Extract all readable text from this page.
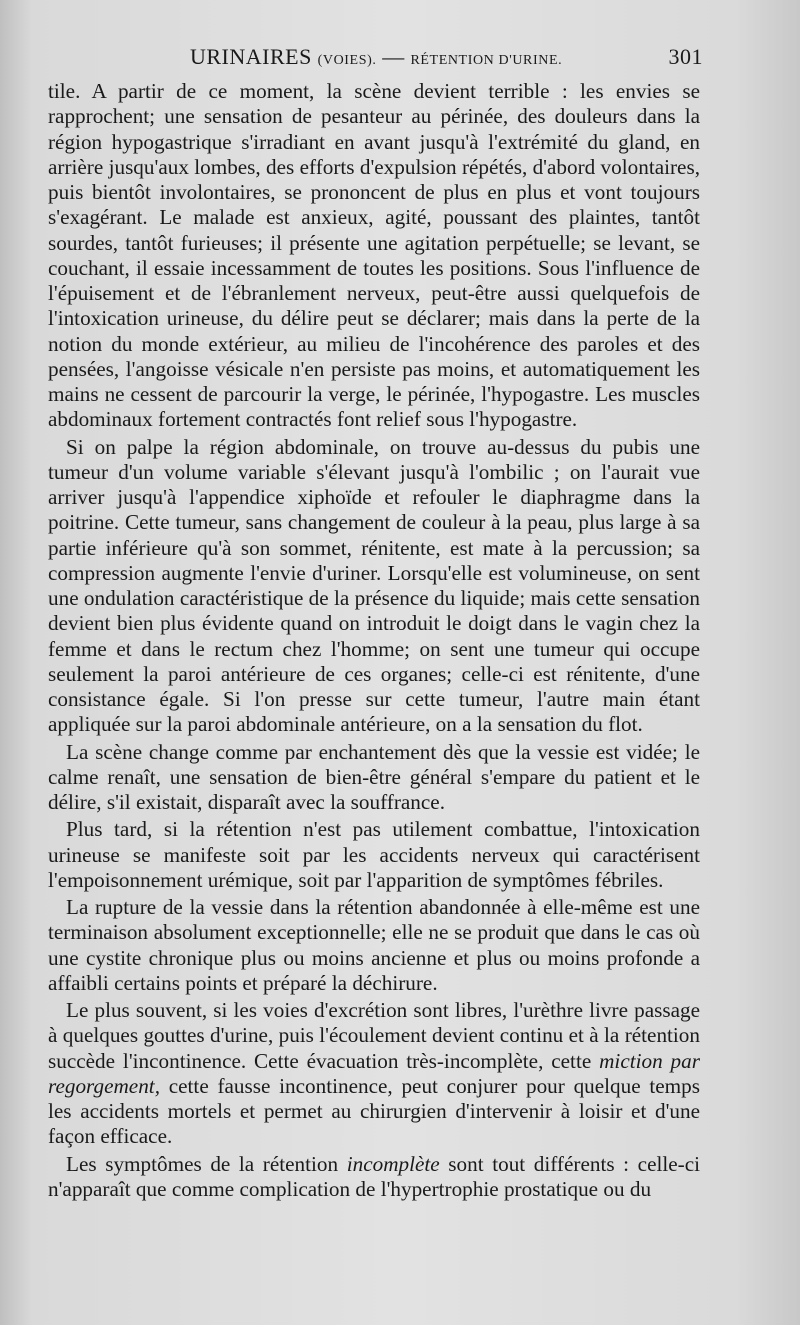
URINAIRES (VOIES). — RÉTENTION D'URINE.	301

tile. A partir de ce moment, la scène devient terrible : les envies se rapprochent; une sensation de pesanteur au périnée, des douleurs dans la région hypogastrique s'irradiant en avant jusqu'à l'extrémité du gland, en arrière jusqu'aux lombes, des efforts d'expulsion répétés, d'abord volontaires, puis bientôt involontaires, se prononcent de plus en plus et vont toujours s'exagérant. Le malade est anxieux, agité, poussant des plaintes, tantôt sourdes, tantôt furieuses; il présente une agitation perpétuelle; se levant, se couchant, il essaie incessamment de toutes les positions. Sous l'influence de l'épuisement et de l'ébranlement nerveux, peut-être aussi quelquefois de l'intoxication urineuse, du délire peut se déclarer; mais dans la perte de la notion du monde extérieur, au milieu de l'incohérence des paroles et des pensées, l'angoisse vésicale n'en persiste pas moins, et automatiquement les mains ne cessent de parcourir la verge, le périnée, l'hypogastre. Les muscles abdominaux fortement contractés font relief sous l'hypogastre.

Si on palpe la région abdominale, on trouve au-dessus du pubis une tumeur d'un volume variable s'élevant jusqu'à l'ombilic ; on l'aurait vue arriver jusqu'à l'appendice xiphoïde et refouler le diaphragme dans la poitrine. Cette tumeur, sans changement de couleur à la peau, plus large à sa partie inférieure qu'à son sommet, rénitente, est mate à la percussion; sa compression augmente l'envie d'uriner. Lorsqu'elle est volumineuse, on sent une ondulation caractéristique de la présence du liquide; mais cette sensation devient bien plus évidente quand on introduit le doigt dans le vagin chez la femme et dans le rectum chez l'homme; on sent une tumeur qui occupe seulement la paroi antérieure de ces organes; celle-ci est rénitente, d'une consistance égale. Si l'on presse sur cette tumeur, l'autre main étant appliquée sur la paroi abdominale antérieure, on a la sensation du flot.

La scène change comme par enchantement dès que la vessie est vidée; le calme renaît, une sensation de bien-être général s'empare du patient et le délire, s'il existait, disparaît avec la souffrance.

Plus tard, si la rétention n'est pas utilement combattue, l'intoxication urineuse se manifeste soit par les accidents nerveux qui caractérisent l'empoisonnement urémique, soit par l'apparition de symptômes fébriles.

La rupture de la vessie dans la rétention abandonnée à elle-même est une terminaison absolument exceptionnelle; elle ne se produit que dans le cas où une cystite chronique plus ou moins ancienne et plus ou moins profonde a affaibli certains points et préparé la déchirure.

Le plus souvent, si les voies d'excrétion sont libres, l'urèthre livre passage à quelques gouttes d'urine, puis l'écoulement devient continu et à la rétention succède l'incontinence. Cette évacuation très-incomplète, cette miction par regorgement, cette fausse incontinence, peut conjurer pour quelque temps les accidents mortels et permet au chirurgien d'intervenir à loisir et d'une façon efficace.

Les symptômes de la rétention incomplète sont tout différents : celle-ci n'apparaît que comme complication de l'hypertrophie prostatique ou du
